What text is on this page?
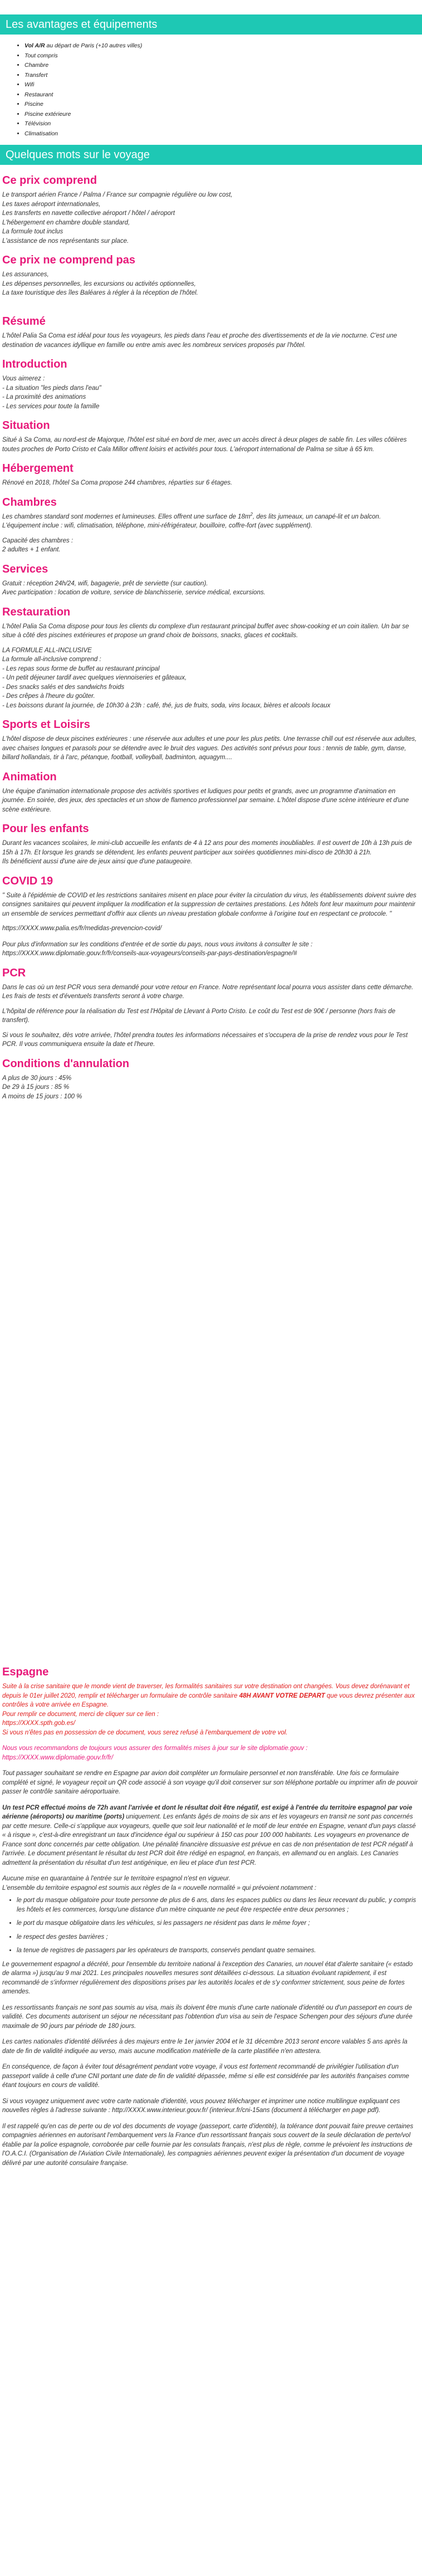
Les avantages et équipements
• Vol A/R au départ de Paris (+10 autres villes)
• Tout compris
• Chambre
• Transfert
• Wifi
• Restaurant
• Piscine
• Piscine extérieure
• Télévision
• Climatisation
Quelques mots sur le voyage
Ce prix comprend

Le transport aérien France / Palma / France sur compagnie régulière ou low cost,

Les taxes aéroport internationales,

Les transferts en navette collective aéroport / hôtel / aéroport

L'hébergement en chambre double standard,

La formule tout inclus

L'assistance de nos représentants sur place.

Ce prix ne comprend pas

Les assurances,

Les dépenses personnelles, les excursions ou activités optionnelles,

La taxe touristique des îles Baléares à régler à la réception de l'hôtel.

Résumé

L'hôtel Palia Sa Coma est idéal pour tous les voyageurs, les pieds dans l'eau et proche des divertissements et de la vie nocturne. C'est une destination de vacances idyllique en famille ou entre amis avec les nombreux services proposés par l'hôtel.

Introduction

Vous aimerez :

- La situation "les pieds dans l'eau"

- La proximité des animations

- Les services pour toute la famille

Situation

Situé à Sa Coma, au nord-est de Majorque, l'hôtel est situé en bord de mer, avec un accès direct à deux plages de sable fin. Les villes côtières toutes proches de Porto Cristo et Cala Millor offrent loisirs et activités pour tous. L'aéroport international de Palma se situe à 65 km.

Hébergement

Rénové en 2018, l'hôtel Sa Coma propose 244 chambres, réparties sur 6 étages.

Chambres

Les chambres standard sont modernes et lumineuses. Elles offrent une surface de $18m^2$, des lits jumeaux, un canapé-lit et un balcon. L'équipement inclue : wifi, climatisation, téléphone, mini-réfrigérateur, bouilloire, coffre-fort (avec supplément).

Capacité des chambres :

2 adultes + 1 enfant.

Services

Gratuit : réception 24h/24, wifi, bagagerie, prêt de serviette (sur caution).

Avec participation : location de voiture, service de blanchisserie, service médical, excursions.

Restauration

L'hôtel Palia Sa Coma dispose pour tous les clients du complexe d'un restaurant principal buffet avec show-cooking et un coin italien. Un bar se situe à côté des piscines extérieures et propose un grand choix de boissons, snacks, glaces et cocktails.

LA FORMULE ALL-INCLUSIVE

La formule all-inclusive comprend :

- Les repas sous forme de buffet au restaurant principal

- Un petit déjeuner tardif avec quelques viennoiseries et gâteaux,

- Des snacks salés et des sandwichs froids

- Des crêpes à l'heure du goûter.

- Les boissons durant la journée, de 10h30 à 23h : café, thé, jus de fruits, soda, vins locaux, bières et alcools locaux

Sports et Loisirs

L'hôtel dispose de deux piscines extérieures : une réservée aux adultes et une pour les plus petits. Une terrasse chill out est réservée aux adultes, avec chaises longues et parasols pour se détendre avec le bruit des vagues. Des activités sont prévus pour tous : tennis de table, gym, danse, billard hollandais, tir à l'arc, pétanque, football, volleyball, badminton, aquagym....

Animation

Une équipe d'animation internationale propose des activités sportives et ludiques pour petits et grands, avec un programme d'animation en journée. En soirée, des jeux, des spectacles et un show de flamenco professionnel par semaine. L'hôtel dispose d'une scène intérieure et d'une scène extérieure.

Pour les enfants

Durant les vacances scolaires, le mini-club accueille les enfants de 4 à 12 ans pour des moments inoubliables. Il est ouvert de 10h à 13h puis de 15h à 17h. Et lorsque les grands se détendent, les enfants peuvent participer aux soirées quotidiennes mini-disco de 20h30 à 21h.

Ils bénéficient aussi d'une aire de jeux ainsi que d'une pataugeoire.

COVID 19

" Suite à l'épidémie de COVID et les restrictions sanitaires misent en place pour éviter la circulation du virus, les établissements doivent suivre des consignes sanitaires qui peuvent impliquer la modification et la suppression de certaines prestations. Les hôtels font leur maximum pour maintenir un ensemble de services permettant d'offrir aux clients un niveau prestation globale conforme à l'origine tout en respectant ce protocole. "

https://XXXX.www.palia.es/fr/medidas-prevencion-covid/

Pour plus d'information sur les conditions d'entrée et de sortie du pays, nous vous invitons à consulter le site : https://XXXX.www.diplomatie.gouv.fr/fr/conseils-aux-voyageurs/conseils-par-pays-destination/espagne/#

PCR

Dans le cas où un test PCR vous sera demandé pour votre retour en France. Notre représentant local pourra vous assister dans cette démarche. Les frais de tests et d'éventuels transferts seront à votre charge.

L'hôpital de référence pour la réalisation du Test est l'Hôpital de Llevant à Porto Cristo. Le coût du Test est de 90€ / personne (hors frais de transfert).

Si vous le souhaitez, dès votre arrivée, l'hôtel prendra toutes les informations nécessaires et s'occupera de la prise de rendez vous pour le Test PCR. Il vous communiquera ensuite la date et l'heure.

Conditions d'annulation

A plus de 30 jours : 45%

De 29 à 15 jours : 85 %

A moins de 15 jours : 100 %

Espagne

Suite à la crise sanitaire que le monde vient de traverser, les formalités sanitaires sur votre destination ont changées. Vous devez dorénavant et depuis le 01er juillet 2020, remplir et télécharger un formulaire de contrôle sanitaire 48H AVANT VOTRE DEPART que vous devrez présenter aux contrôles à votre arrivée en Espagne.

Pour remplir ce document, merci de cliquer sur ce lien :

https://XXXX.spth.gob.es/

Si vous n'êtes pas en possession de ce document, vous serez refusé à l'embarquement de votre vol.

Nous vous recommandons de toujours vous assurer des formalités mises à jour sur le site diplomatie.gouv : https://XXXX.www.diplomatie.gouv.fr/fr/

Tout passager souhaitant se rendre en Espagne par avion doit compléter un formulaire personnel et non transférable. Une fois ce formulaire complété et signé, le voyageur reçoit un QR code associé à son voyage qu'il doit conserver sur son téléphone portable ou imprimer afin de pouvoir passer le contrôle sanitaire aéroportuaire.

Un test PCR effectué moins de 72h avant l'arrivée et dont le résultat doit être négatif, est exigé à l'entrée du territoire espagnol par voie aérienne (aéroports) ou maritime (ports) uniquement. Les enfants âgés de moins de six ans et les voyageurs en transit ne sont pas concernés par cette mesure. Celle-ci s'applique aux voyageurs, quelle que soit leur nationalité et le motif de leur entrée en Espagne, venant d'un pays classé « à risque », c'est-à-dire enregistrant un taux d'incidence égal ou supérieur à 150 cas pour 100 000 habitants. Les voyageurs en provenance de France sont donc concernés par cette obligation. Une pénalité financière dissuasive est prévue en cas de non présentation de test PCR négatif à l'arrivée. Le document présentant le résultat du test PCR doit être rédigé en espagnol, en français, en allemand ou en anglais. Les Canaries admettent la présentation du résultat d'un test antigénique, en lieu et place d'un test PCR.

Aucune mise en quarantaine à l'entrée sur le territoire espagnol n'est en vigueur.

L'ensemble du territoire espagnol est soumis aux règles de la « nouvelle normalité » qui prévoient notamment :

• le port du masque obligatoire pour toute personne de plus de 6 ans, dans les espaces publics ou dans les lieux recevant du public, y compris les hôtels et les commerces, lorsqu'une distance d'un mètre cinquante ne peut être respectée entre deux personnes ;
• le port du masque obligatoire dans les véhicules, si les passagers ne résident pas dans le même foyer ;
• le respect des gestes barrières ;
• la tenue de registres de passagers par les opérateurs de transports, conservés pendant quatre semaines.

Le gouvernement espagnol a décrété, pour l'ensemble du territoire national à l'exception des Canaries, un nouvel état d'alerte sanitaire (« estado de alarma ») jusqu'au 9 mai 2021. Les principales nouvelles mesures sont détaillées ci-dessous. La situation évoluant rapidement, il est recommandé de s'informer régulièrement des dispositions prises par les autorités locales et de s'y conformer strictement, sous peine de fortes amendes.

Les ressortissants français ne sont pas soumis au visa, mais ils doivent être munis d'une carte nationale d'identité ou d'un passeport en cours de validité. Ces documents autorisent un séjour ne nécessitant pas l'obtention d'un visa au sein de l'espace Schengen pour des séjours d'une durée maximale de 90 jours par période de 180 jours.

Les cartes nationales d'identité délivrées à des majeurs entre le 1er janvier 2004 et le 31 décembre 2013 seront encore valables 5 ans après la date de fin de validité indiquée au verso, mais aucune modification matérielle de la carte plastifiée n'en attestera.

En conséquence, de façon à éviter tout désagrément pendant votre voyage, il vous est fortement recommandé de privilégier l'utilisation d'un passeport valide à celle d'une CNI portant une date de fin de validité dépassée, même si elle est considérée par les autorités françaises comme étant toujours en cours de validité.

Si vous voyagez uniquement avec votre carte nationale d'identité, vous pouvez télécharger et imprimer une notice multilingue expliquant ces nouvelles règles à l'adresse suivante : http://XXXX.www.interieur.gouv.fr/ (interieur.fr/cni-15ans (document à télécharger en page pdf).

Il est rappelé qu'en cas de perte ou de vol des documents de voyage (passeport, carte d'identité), la tolérance dont pouvait faire preuve certaines compagnies aériennes en autorisant l'embarquement vers la France d'un ressortissant français sous couvert de la seule déclaration de perte/vol établie par la police espagnole, corroborée par celle fournie par les consulats français, n'est plus de règle, comme le prévoient les instructions de l'O.A.C.I. (Organisation de l'Aviation Civile Internationale), les compagnies aériennes peuvent exiger la présentation d'un document de voyage délivré par une autorité consulaire française.
